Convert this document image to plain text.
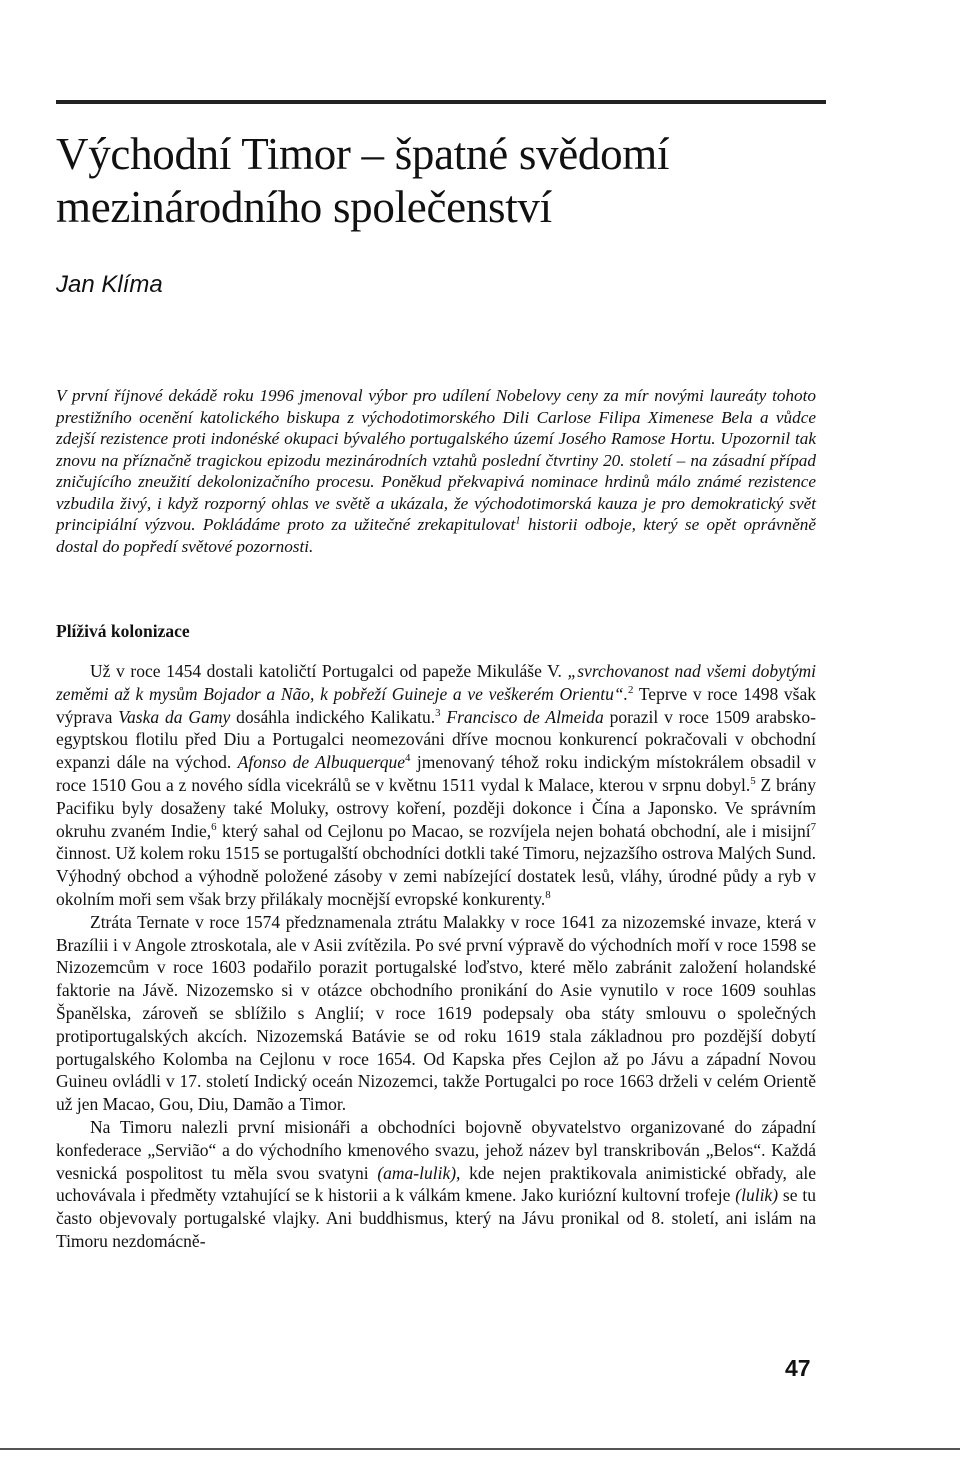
Východní Timor – špatné svědomí
mezinárodního společenství

Jan Klíma

V první říjnové dekádě roku 1996 jmenoval výbor pro udílení Nobelovy ceny za mír novými laureáty tohoto prestižního ocenění katolického biskupa z východotimorského Dili Carlose Filipa Ximenese Bela a vůdce zdejší rezistence proti indonéské okupaci bývalého portugalského území Josého Ramose Hortu. Upozornil tak znovu na příznačně tragickou epizodu mezinárodních vztahů poslední čtvrtiny 20. století – na zásadní případ zničujícího zneužití dekolonizačního procesu. Poněkud překvapivá nominace hrdinů málo známé rezistence vzbudila živý, i když rozporný ohlas ve světě a ukázala, že východotimorská kauza je pro demokratický svět principiální výzvou. Pokládáme proto za užitečné zrekapitulovat$^1$ historii odboje, který se opět oprávněně dostal do popředí světové pozornosti.

Plíživá kolonizace

Už v roce 1454 dostali katoličtí Portugalci od papeže Mikuláše V. „svrchovanost nad všemi dobytými zeměmi až k mysům Bojador a Não, k pobřeží Guineje a ve veškerém Orientu“.$^2$ Teprve v roce 1498 však výprava Vaska da Gamy dosáhla indického Kalikatu.$^3$ Francisco de Almeida porazil v roce 1509 arabsko-egyptskou flotilu před Diu a Portugalci neomezováni dříve mocnou konkurencí pokračovali v obchodní expanzi dále na východ. Afonso de Albuquerque$^4$ jmenovaný téhož roku indickým místokrálem obsadil v roce 1510 Gou a z nového sídla vicekrálů se v květnu 1511 vydal k Malace, kterou v srpnu dobyl.$^5$ Z brány Pacifiku byly dosaženy také Moluky, ostrovy koření, později dokonce i Čína a Japonsko. Ve správním okruhu zvaném Indie,$^6$ který sahal od Cejlonu po Macao, se rozvíjela nejen bohatá obchodní, ale i misijní$^7$ činnost. Už kolem roku 1515 se portugalští obchodníci dotkli také Timoru, nejzazšího ostrova Malých Sund. Výhodný obchod a výhodně položené zásoby v zemi nabízející dostatek lesů, vláhy, úrodné půdy a ryb v okolním moři sem však brzy přilákaly mocnější evropské konkurenty.$^8$

Ztráta Ternate v roce 1574 předznamenala ztrátu Malakky v roce 1641 za nizozemské invaze, která v Brazílii i v Angole ztroskotala, ale v Asii zvítězila. Po své první výpravě do východních moří v roce 1598 se Nizozemcům v roce 1603 podařilo porazit portugalské loďstvo, které mělo zabránit založení holandské faktorie na Jávě. Nizozemsko si v otázce obchodního pronikání do Asie vynutilo v roce 1609 souhlas Španělska, zároveň se sblížilo s Anglií; v roce 1619 podepsaly oba státy smlouvu o společných protiportugalských akcích. Nizozemská Batávie se od roku 1619 stala základnou pro pozdější dobytí portugalského Kolomba na Cejlonu v roce 1654. Od Kapska přes Cejlon až po Jávu a západní Novou Guineu ovládli v 17. století Indický oceán Nizozemci, takže Portugalci po roce 1663 drželi v celém Orientě už jen Macao, Gou, Diu, Damão a Timor.

Na Timoru nalezli první misionáři a obchodníci bojovně obyvatelstvo organizované do západní konfederace „Servião“ a do východního kmenového svazu, jehož název byl transkribován „Belos“. Každá vesnická pospolitost tu měla svou svatyni (ama-lulik), kde nejen praktikovala animistické obřady, ale uchovávala i předměty vztahující se k historii a k válkám kmene. Jako kuriózní kultovní trofeje (lulik) se tu často objevovaly portugalské vlajky. Ani buddhismus, který na Jávu pronikal od 8. století, ani islám na Timoru nezdomácně-

47
